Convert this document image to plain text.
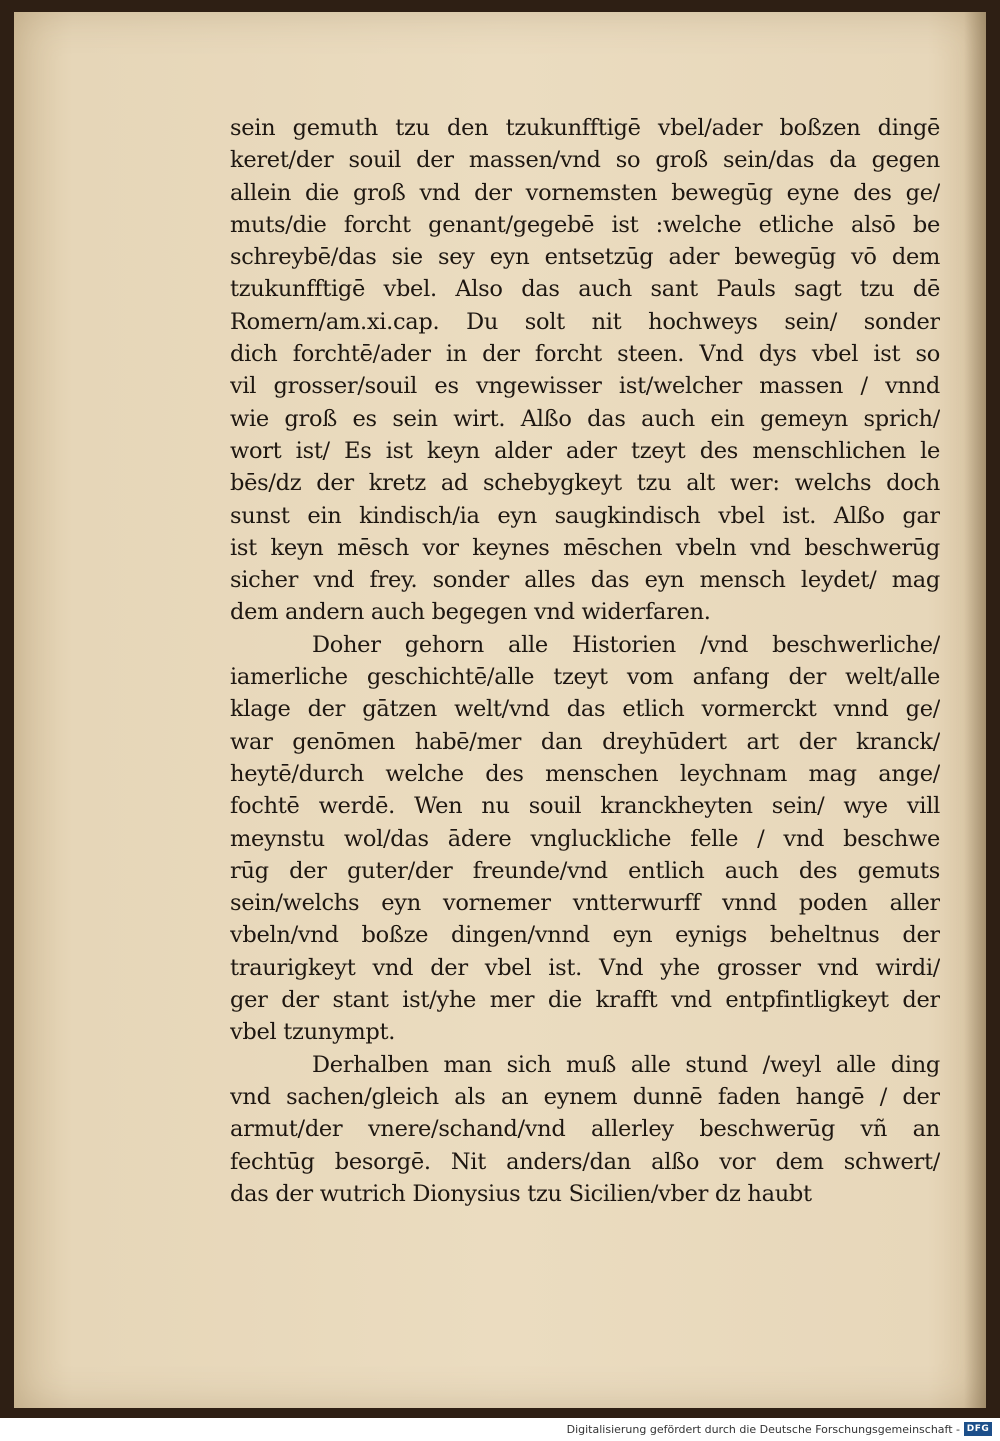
sein gemuth tzu den tzukunfftigē vbel/ader boßzen dingē
keret/der souil der massen/vnd so groß sein/das da gegen
allein die groß vnd der vornemsten bewegūg eyne des ge/
muts/die forcht genant/gegebē ist :welche etliche alsō be
schreybē/das sie sey eyn entsetzūg ader bewegūg vō dem
tzukunfftigē vbel. Also das auch sant Pauls sagt tzu dē
Romern/am.xi.cap. Du solt nit hochweys sein/ sonder
dich forchtē/ader in der forcht steen. Vnd dys vbel ist so
vil grosser/souil es vngewisser ist/welcher massen / vnnd
wie groß es sein wirt. Alßo das auch ein gemeyn sprich/
wort ist/ Es ist keyn alder ader tzeyt des menschlichen le
bēs/dz der kretz ad schebygkeyt tzu alt wer: welchs doch
sunst ein kindisch/ia eyn saugkindisch vbel ist. Alßo gar
ist keyn mēsch vor keynes mēschen vbeln vnd beschwerūg
sicher vnd frey. sonder alles das eyn mensch leydet/ mag
dem andern auch begegen vnd widerfaren.
Doher gehorn alle Historien /vnd beschwerliche/
iamerliche geschichtē/alle tzeyt vom anfang der welt/alle
klage der gātzen welt/vnd das etlich vormerckt vnnd ge/
war genōmen habē/mer dan dreyhūdert art der kranck/
heytē/durch welche des menschen leychnam mag ange/
fochtē werdē. Wen nu souil kranckheyten sein/ wye vill
meynstu wol/das ādere vngluckliche felle / vnd beschwe
rūg der guter/der freunde/vnd entlich auch des gemuts
sein/welchs eyn vornemer vntterwurff vnnd poden aller
vbeln/vnd boßze dingen/vnnd eyn eynigs beheltnus der
traurigkeyt vnd der vbel ist. Vnd yhe grosser vnd wirdi/
ger der stant ist/yhe mer die krafft vnd entpfintligkeyt der
vbel tzunympt.
Derhalben man sich muß alle stund /weyl alle ding
vnd sachen/gleich als an eynem dunnē faden hangē / der
armut/der vnere/schand/vnd allerley beschwerūg vñ an
fechtūg besorgē. Nit anders/dan alßo vor dem schwert/
das der wutrich Dionysius tzu Sicilien/vber dz haubt
Digitalisierung gefördert durch die Deutsche Forschungsgemeinschaft - DFG
